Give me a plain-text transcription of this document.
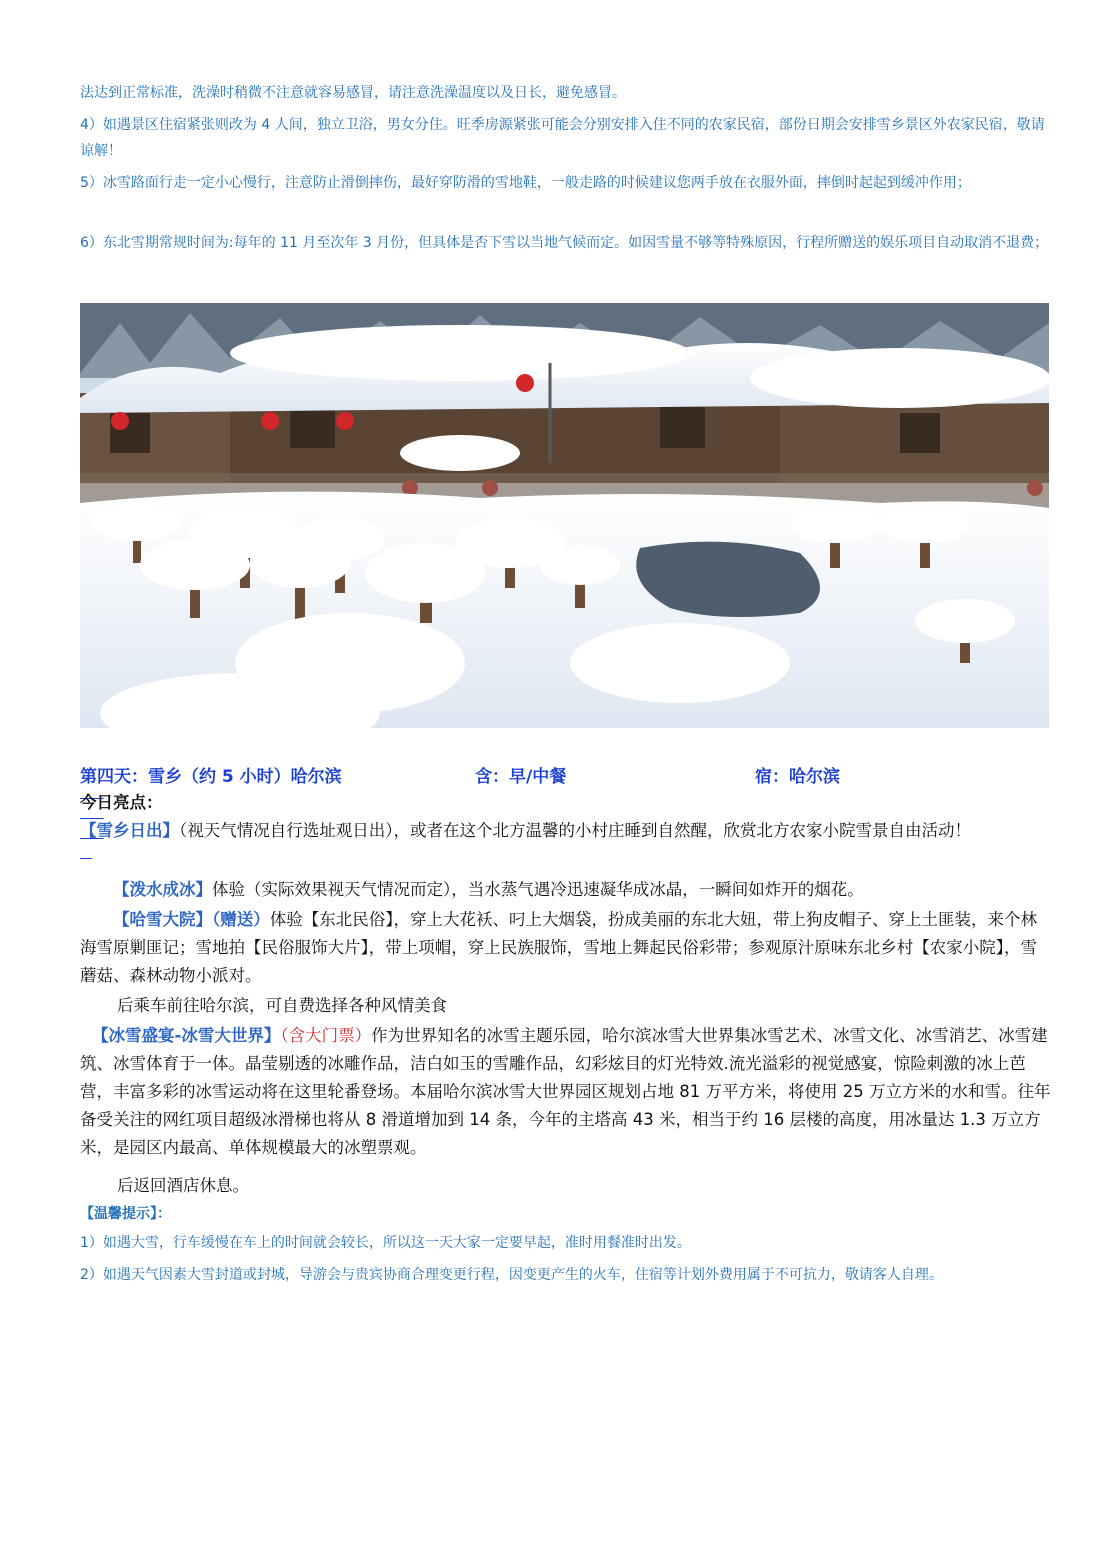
法达到正常标准，洗澡时稍微不注意就容易感冒，请注意洗澡温度以及日长，避免感冒。

4）如遇景区住宿紧张则改为 4 人间，独立卫浴，男女分住。旺季房源紧张可能会分别安排入住不同的农家民宿，部份日期会安排雪乡景区外农家民宿，敬请谅解！

5）冰雪路面行走一定小心慢行，注意防止滑倒摔伤，最好穿防滑的雪地鞋，一般走路的时候建议您两手放在衣服外面，摔倒时起起到缓冲作用；

6）东北雪期常规时间为:每年的 11 月至次年 3 月份，但具体是否下雪以当地气候而定。如因雪量不够等特殊原因，行程所赠送的娱乐项目自动取消不退费；

第四天：雪乡（约 5 小时）哈尔滨

	含：早/中餐

	宿：哈尔滨

今日亮点：

【雪乡日出】（视天气情况自行选址观日出），或者在这个北方温馨的小村庄睡到自然醒，欣赏北方农家小院雪景自由活动！

【泼水成冰】体验（实际效果视天气情况而定），当水蒸气遇冷迅速凝华成冰晶，一瞬间如炸开的烟花。

【哈雪大院】（赠送）体验【东北民俗】，穿上大花袄、叼上大烟袋，扮成美丽的东北大妞，带上狗皮帽子、穿上土匪装，来个林海雪原剿匪记；雪地拍【民俗服饰大片】，带上项帽，穿上民族服饰，雪地上舞起民俗彩带；参观原汁原味东北乡村【农家小院】，雪蘑菇、森林动物小派对。

后乘车前往哈尔滨，可自费选择各种风情美食

【冰雪盛宴-冰雪大世界】（含大门票）作为世界知名的冰雪主题乐园，哈尔滨冰雪大世界集冰雪艺术、冰雪文化、冰雪消艺、冰雪建筑、冰雪体育于一体。晶莹剔透的冰雕作品，洁白如玉的雪雕作品，幻彩炫目的灯光特效.流光溢彩的视觉感宴，惊险刺激的冰上芭营，丰富多彩的冰雪运动将在这里轮番登场。本届哈尔滨冰雪大世界园区规划占地 81 万平方米，将使用 25 万立方米的水和雪。往年备受关注的网红项目超级冰滑梯也将从 8 滑道增加到 14 条，今年的主塔高 43 米，相当于约 16 层楼的高度，用冰量达 1.3 万立方米，是园区内最高、单体规模最大的冰塑票观。

后返回酒店休息。

【温馨提示】：

1）如遇大雪，行车缓慢在车上的时间就会较长，所以这一天大家一定要早起，准时用餐准时出发。

2）如遇天气因素大雪封道或封城，导游会与贵宾协商合理变更行程，因变更产生的火车，住宿等计划外费用属于不可抗力，敬请客人自理。
